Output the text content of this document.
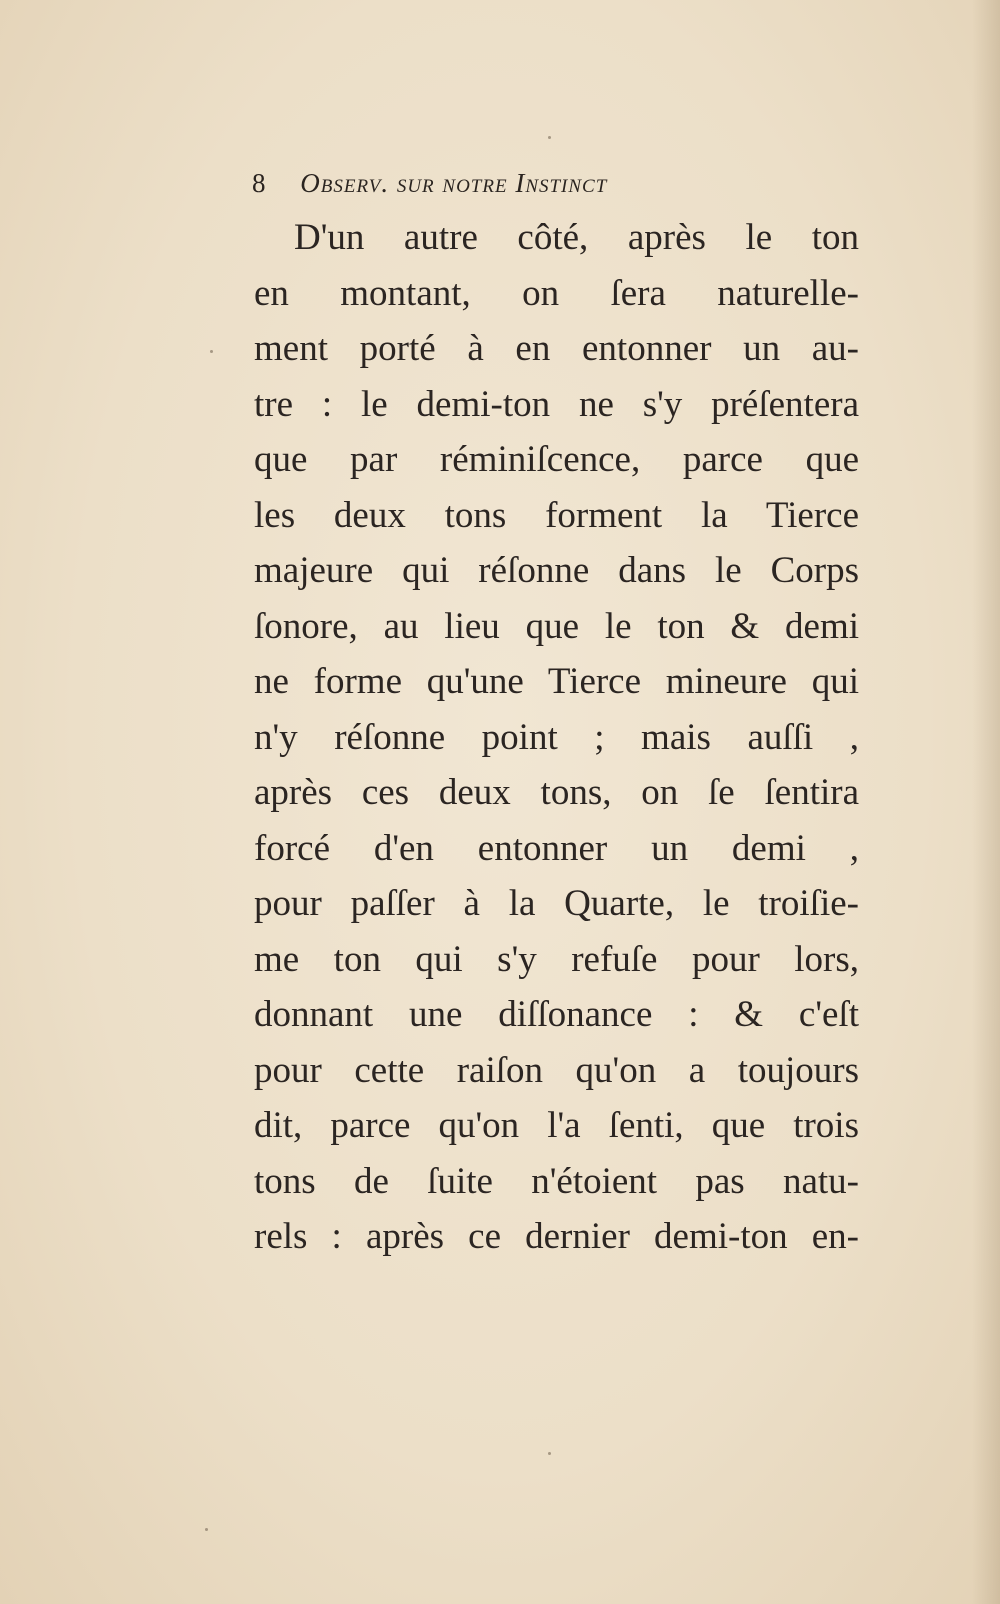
8 Observ. sur notre Instinct
D'un autre côté, après le ton
en montant, on ſera naturelle-
ment porté à en entonner un au-
tre : le demi-ton ne s'y préſentera
que par réminiſcence, parce que
les deux tons forment la Tierce
majeure qui réſonne dans le Corps
ſonore, au lieu que le ton & demi
ne forme qu'une Tierce mineure qui
n'y réſonne point ; mais auſſi ,
après ces deux tons, on ſe ſentira
forcé d'en entonner un demi ,
pour paſſer à la Quarte, le troiſie-
me ton qui s'y refuſe pour lors,
donnant une diſſonance : & c'eſt
pour cette raiſon qu'on a toujours
dit, parce qu'on l'a ſenti, que trois
tons de ſuite n'étoient pas natu-
rels : après ce dernier demi-ton en-
